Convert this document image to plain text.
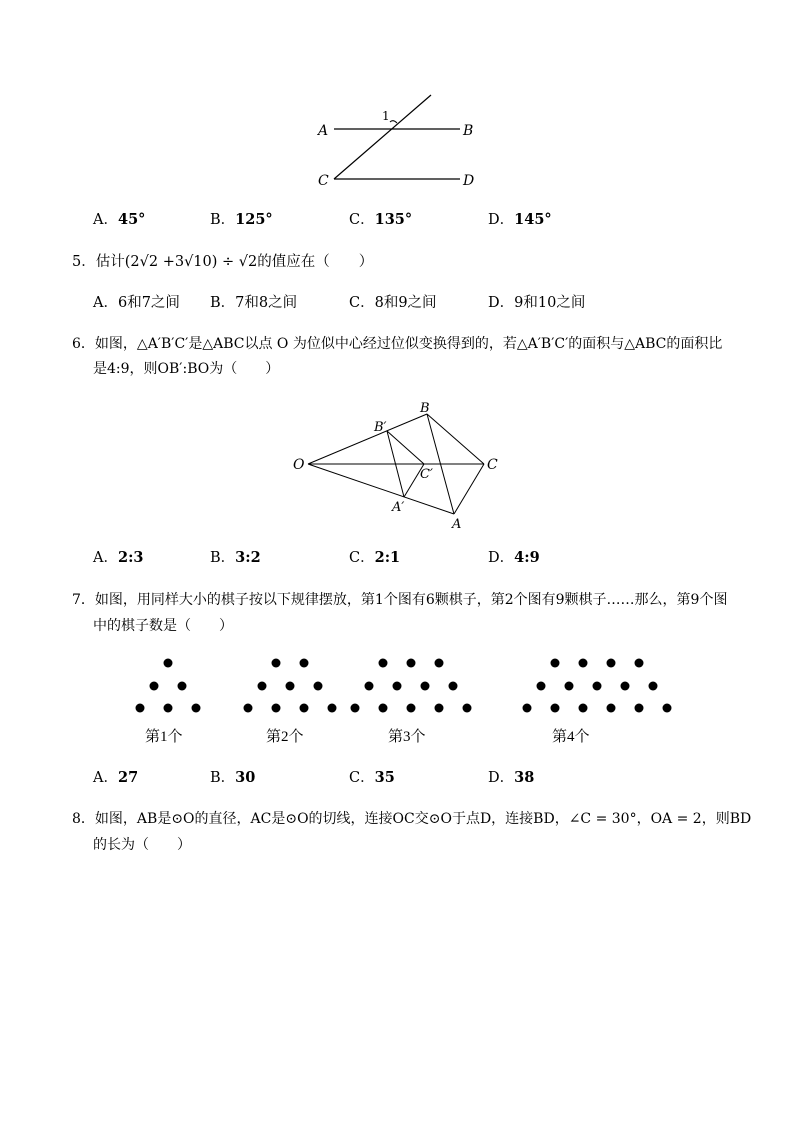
A	B
C	D
1
A．45°	B．125°	C．135°	D．145°
5．估计(2√2 +3√10) ÷ √2的值应在（　　）
A．6和7之间 B．7和8之间	C．8和9之间	D．9和10之间
6．如图，△A′B′C′是△ABC以点 O 为位似中心经过位似变换得到的，若△A′B′C′的面积与△ABC的面积比
是4:9，则OB′:BO为（　　）
O
B′
B
C′
C
A′
A
A．2:3	B．3:2	C．2:1	D．4:9
7．如图，用同样大小的棋子按以下规律摆放，第1个图有6颗棋子，第2个图有9颗棋子……那么，第9个图
中的棋子数是（　　）
第1个	第2个	第3个	第4个
A．27	B．30	C．35	D．38
8．如图，AB是⊙O的直径，AC是⊙O的切线，连接OC交⊙O于点D，连接BD，∠C = 30°，OA = 2，则BD
的长为（　　）
